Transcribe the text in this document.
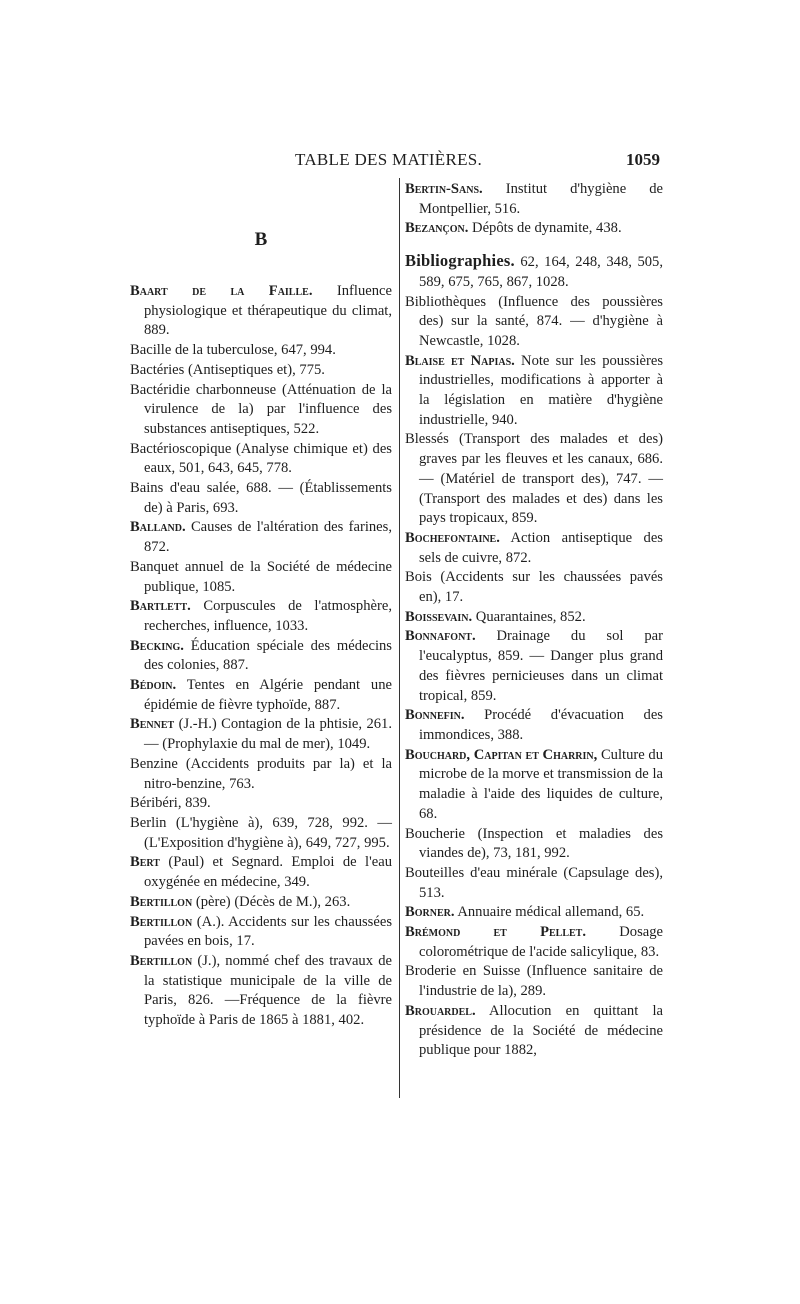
TABLE DES MATIÈRES.	1059
B
Baart de la Faille. Influence physiologique et thérapeutique du climat, 889.
Bacille de la tuberculose, 647, 994.
Bactéries (Antiseptiques et), 775.
Bactéridie charbonneuse (Atténuation de la virulence de la) par l'influence des substances antiseptiques, 522.
Bactérioscopique (Analyse chimique et) des eaux, 501, 643, 645, 778.
Bains d'eau salée, 688. — (Établissements de) à Paris, 693.
Balland. Causes de l'altération des farines, 872.
Banquet annuel de la Société de médecine publique, 1085.
Bartlett. Corpuscules de l'atmosphère, recherches, influence, 1033.
Becking. Éducation spéciale des médecins des colonies, 887.
Bédoin. Tentes en Algérie pendant une épidémie de fièvre typhoïde, 887.
Bennet (J.-H.) Contagion de la phtisie, 261. — (Prophylaxie du mal de mer), 1049.
Benzine (Accidents produits par la) et la nitro-benzine, 763.
Béribéri, 839.
Berlin (L'hygiène à), 639, 728, 992. — (L'Exposition d'hygiène à), 649, 727, 995.
Bert (Paul) et Segnard. Emploi de l'eau oxygénée en médecine, 349.
Bertillon (père) (Décès de M.), 263.
Bertillon (A.). Accidents sur les chaussées pavées en bois, 17.
Bertillon (J.), nommé chef des travaux de la statistique municipale de la ville de Paris, 826. —Fréquence de la fièvre typhoïde à Paris de 1865 à 1881, 402.
Bertin-Sans. Institut d'hygiène de Montpellier, 516.
Bezançon. Dépôts de dynamite, 438.
Bibliographies. 62, 164, 248, 348, 505, 589, 675, 765, 867, 1028.
Bibliothèques (Influence des poussières des) sur la santé, 874. — d'hygiène à Newcastle, 1028.
Blaise et Napias. Note sur les poussières industrielles, modifications à apporter à la législation en matière d'hygiène industrielle, 940.
Blessés (Transport des malades et des) graves par les fleuves et les canaux, 686. — (Matériel de transport des), 747. — (Transport des malades et des) dans les pays tropicaux, 859.
Bochefontaine. Action antiseptique des sels de cuivre, 872.
Bois (Accidents sur les chaussées pavés en), 17.
Boissevain. Quarantaines, 852.
Bonnafont. Drainage du sol par l'eucalyptus, 859. — Danger plus grand des fièvres pernicieuses dans un climat tropical, 859.
Bonnefin. Procédé d'évacuation des immondices, 388.
Bouchard, Capitan et Charrin, Culture du microbe de la morve et transmission de la maladie à l'aide des liquides de culture, 68.
Boucherie (Inspection et maladies des viandes de), 73, 181, 992.
Bouteilles d'eau minérale (Capsulage des), 513.
Borner. Annuaire médical allemand, 65.
Brémond et Pellet. Dosage colorométrique de l'acide salicylique, 83.
Broderie en Suisse (Influence sanitaire de l'industrie de la), 289.
Brouardel. Allocution en quittant la présidence de la Société de médecine publique pour 1882,
